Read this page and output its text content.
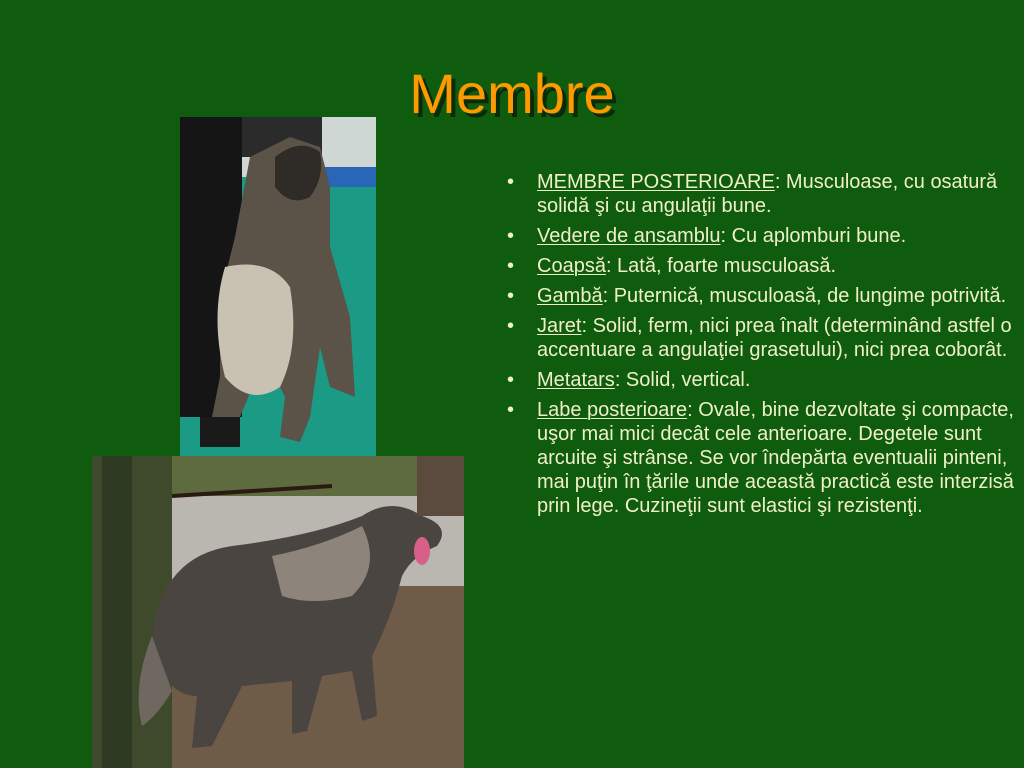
Membre
• MEMBRE POSTERIOARE: Musculoase, cu osatură solidă şi cu angulaţii bune.
• Vedere de ansamblu: Cu aplomburi bune.
• Coapsă: Lată, foarte musculoasă.
• Gambă: Puternică, musculoasă, de lungime potrivită.
• Jaret: Solid, ferm, nici prea înalt (determinând astfel o accentuare a angulaţiei grasetului), nici prea coborât.
• Metatars: Solid, vertical.
• Labe posterioare: Ovale, bine dezvoltate şi compacte, uşor mai mici decât cele anterioare. Degetele sunt arcuite şi strânse. Se vor îndepărta eventualii pinteni, mai puţin în ţările unde această practică este interzisă prin lege. Cuzineţii sunt elastici şi rezistenţi.
